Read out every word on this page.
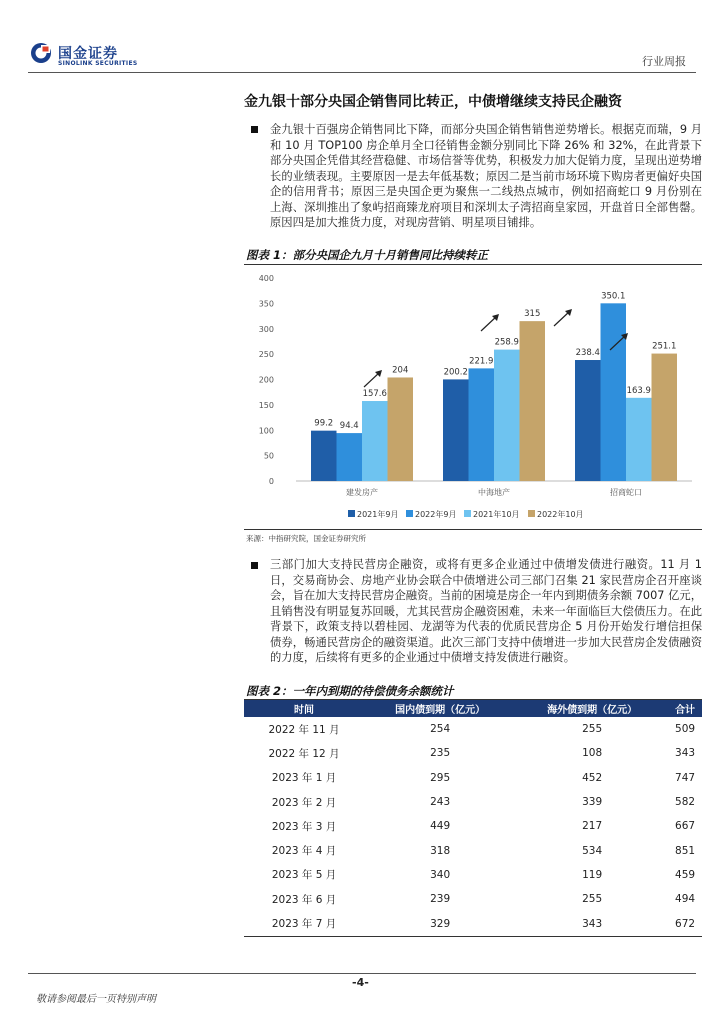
国金证券
SINOLINK SECURITIES	行业周报
金九银十部分央国企销售同比转正，中债增继续支持民企融资
金九银十百强房企销售同比下降，而部分央国企销售销售逆势增长。根据克而瑞，9 月和 10 月 TOP100 房企单月全口径销售金额分别同比下降 26% 和 32%，在此背景下部分央国企凭借其经营稳健、市场信誉等优势，积极发力加大促销力度，呈现出逆势增长的业绩表现。主要原因一是去年低基数；原因二是当前市场环境下购房者更偏好央国企的信用背书；原因三是央国企更为聚焦一二线热点城市，例如招商蛇口 9 月份别在上海、深圳推出了象屿招商臻龙府项目和深圳太子湾招商皇家园，开盘首日全部售罄。原因四是加大推货力度，对现房营销、明星项目铺排。
图表 1：部分央国企九月十月销售同比持续转正
0
50
100
150
200
250
300
350
400
99.2 94.4
157.6
204	200.2
221.9
258.9
315
238.4
350.1
163.9
251.1
建发房产	中海地产	招商蛇口
2021年9月 2022年9月 2021年10月 2022年10月
来源：中指研究院，国金证券研究所
三部门加大支持民营房企融资，或将有更多企业通过中债增发债进行融资。11 月 1 日，交易商协会、房地产业协会联合中债增进公司三部门召集 21 家民营房企召开座谈会，旨在加大支持民营房企融资。当前的困境是房企一年内到期债务余额 7007 亿元，且销售没有明显复苏回暖，尤其民营房企融资困难，未来一年面临巨大偿债压力。在此背景下，政策支持以碧桂园、龙湖等为代表的优质民营房企 5 月份开始发行增信担保债券，畅通民营房企的融资渠道。此次三部门支持中债增进一步加大民营房企发债融资的力度，后续将有更多的企业通过中债增支持发债进行融资。
图表 2：一年内到期的待偿债务余额统计
时间	国内债到期（亿元）	海外债到期（亿元）	合计
2022 年 11 月	254	255	509
2022 年 12 月	235	108	343
2023 年 1 月	295	452	747
2023 年 2 月	243	339	582
2023 年 3 月	449	217	667
2023 年 4 月	318	534	851
2023 年 5 月	340	119	459
2023 年 6 月	239	255	494
2023 年 7 月	329	343	672
-4-
敬请参阅最后一页特别声明
